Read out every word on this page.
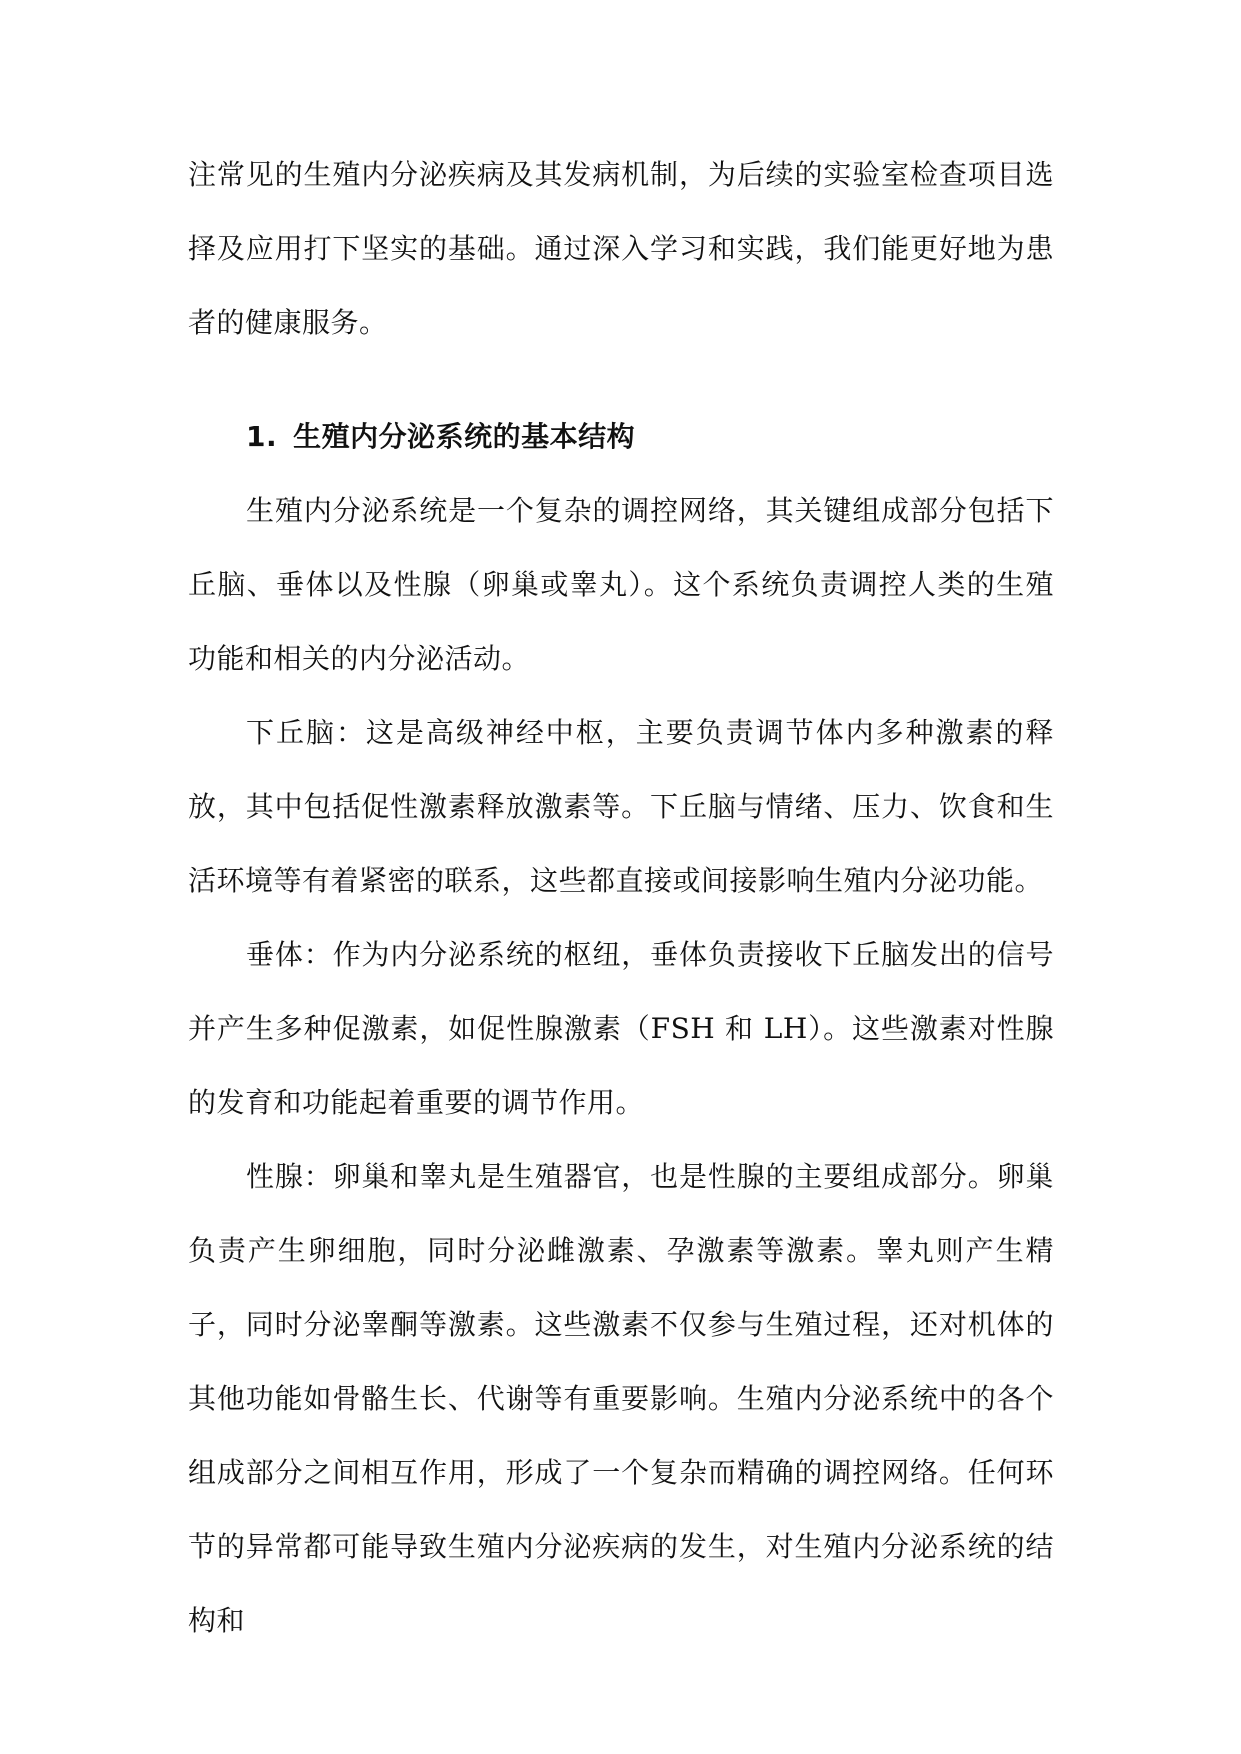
注常见的生殖内分泌疾病及其发病机制，为后续的实验室检查项目选择及应用打下坚实的基础。通过深入学习和实践，我们能更好地为患者的健康服务。

1. 生殖内分泌系统的基本结构

生殖内分泌系统是一个复杂的调控网络，其关键组成部分包括下丘脑、垂体以及性腺（卵巢或睾丸）。这个系统负责调控人类的生殖功能和相关的内分泌活动。

下丘脑：这是高级神经中枢，主要负责调节体内多种激素的释放，其中包括促性激素释放激素等。下丘脑与情绪、压力、饮食和生活环境等有着紧密的联系，这些都直接或间接影响生殖内分泌功能。

垂体：作为内分泌系统的枢纽，垂体负责接收下丘脑发出的信号并产生多种促激素，如促性腺激素（FSH 和 LH）。这些激素对性腺的发育和功能起着重要的调节作用。

性腺：卵巢和睾丸是生殖器官，也是性腺的主要组成部分。卵巢负责产生卵细胞，同时分泌雌激素、孕激素等激素。睾丸则产生精子，同时分泌睾酮等激素。这些激素不仅参与生殖过程，还对机体的其他功能如骨骼生长、代谢等有重要影响。生殖内分泌系统中的各个组成部分之间相互作用，形成了一个复杂而精确的调控网络。任何环节的异常都可能导致生殖内分泌疾病的发生，对生殖内分泌系统的结构和
